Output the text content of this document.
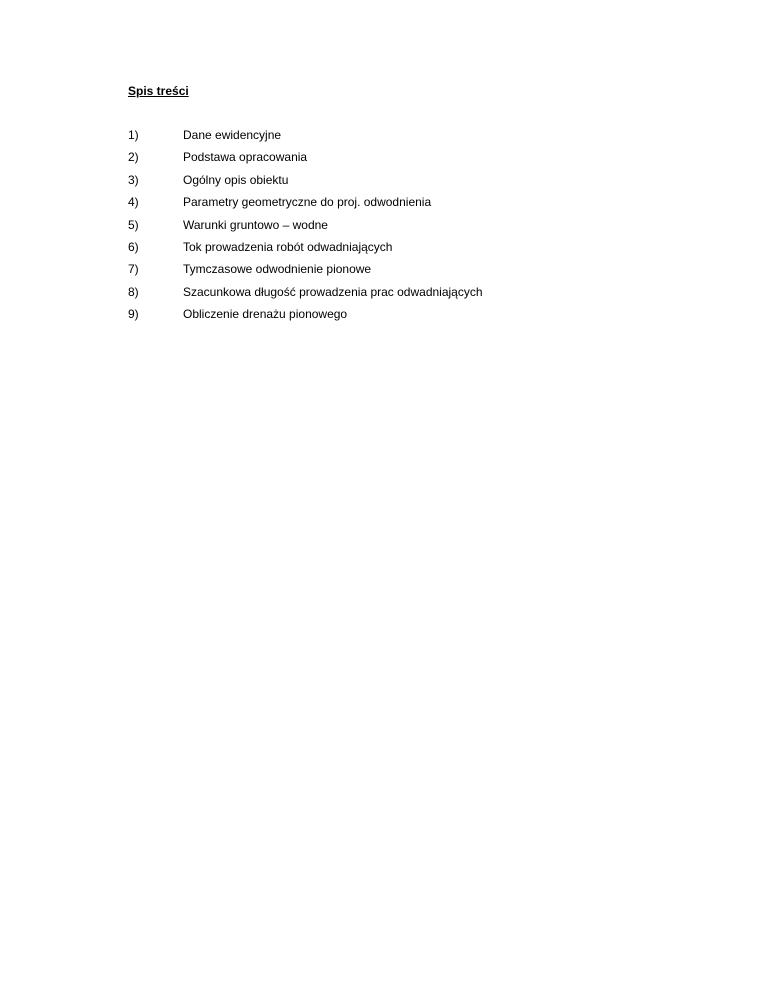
Spis treści
1)	Dane ewidencyjne
2)	Podstawa opracowania
3)	Ogólny opis obiektu
4)	Parametry geometryczne do proj. odwodnienia
5)	Warunki gruntowo – wodne
6)	Tok prowadzenia robót odwadniających
7)	Tymczasowe odwodnienie pionowe
8)	Szacunkowa długość prowadzenia prac odwadniających
9)	Obliczenie drenażu pionowego
